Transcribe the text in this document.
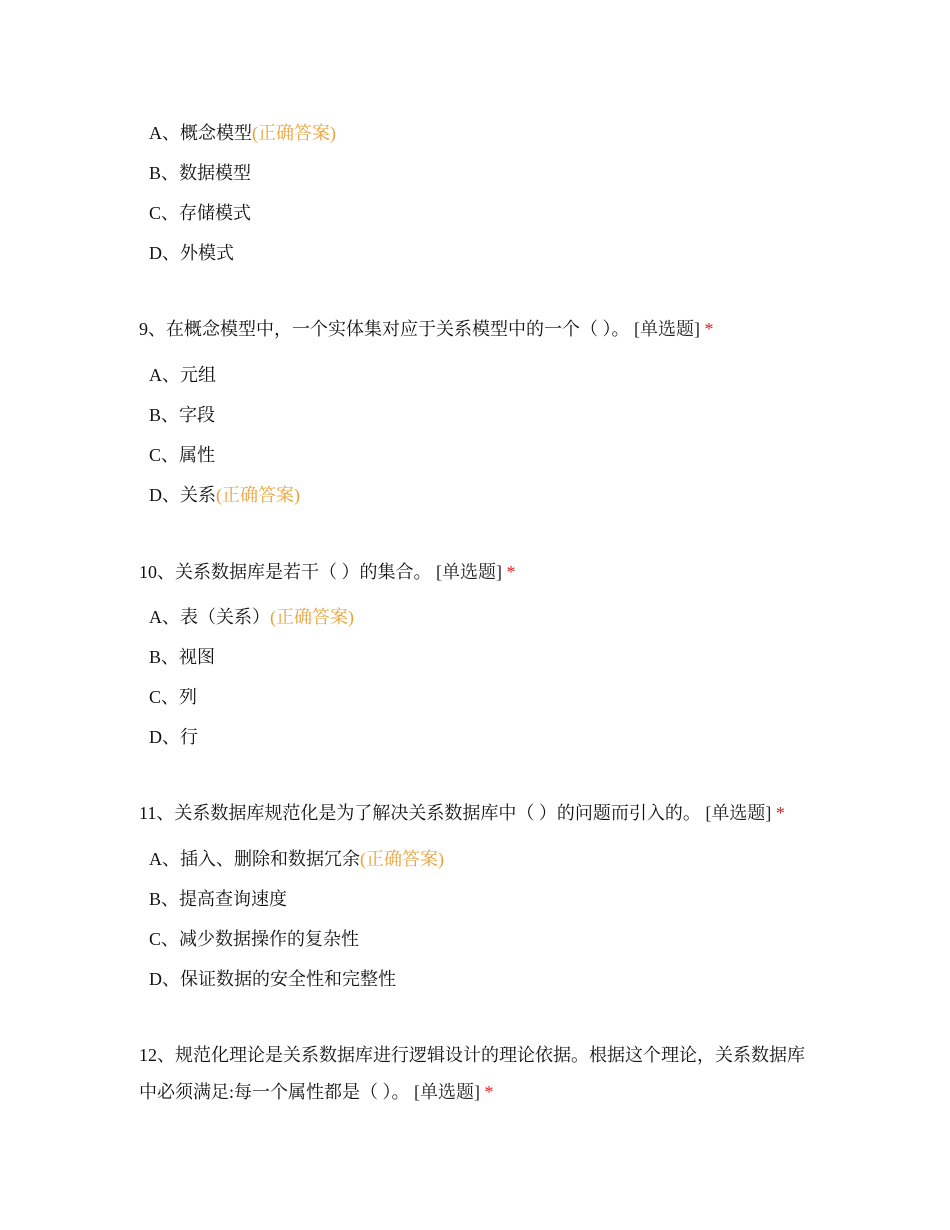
A、概念模型(正确答案)
B、数据模型
C、存储模式
D、外模式
9、在概念模型中，一个实体集对应于关系模型中的一个（ ）。 [单选题] *
A、元组
B、字段
C、属性
D、关系(正确答案)
10、关系数据库是若干（ ）的集合。 [单选题] *
A、表（关系）(正确答案)
B、视图
C、列
D、行
11、关系数据库规范化是为了解决关系数据库中（ ）的问题而引入的。 [单选题] *
A、插入、删除和数据冗余(正确答案)
B、提高查询速度
C、减少数据操作的复杂性
D、保证数据的安全性和完整性
12、规范化理论是关系数据库进行逻辑设计的理论依据。根据这个理论，关系数据库中必须满足:每一个属性都是（ ）。 [单选题] *
